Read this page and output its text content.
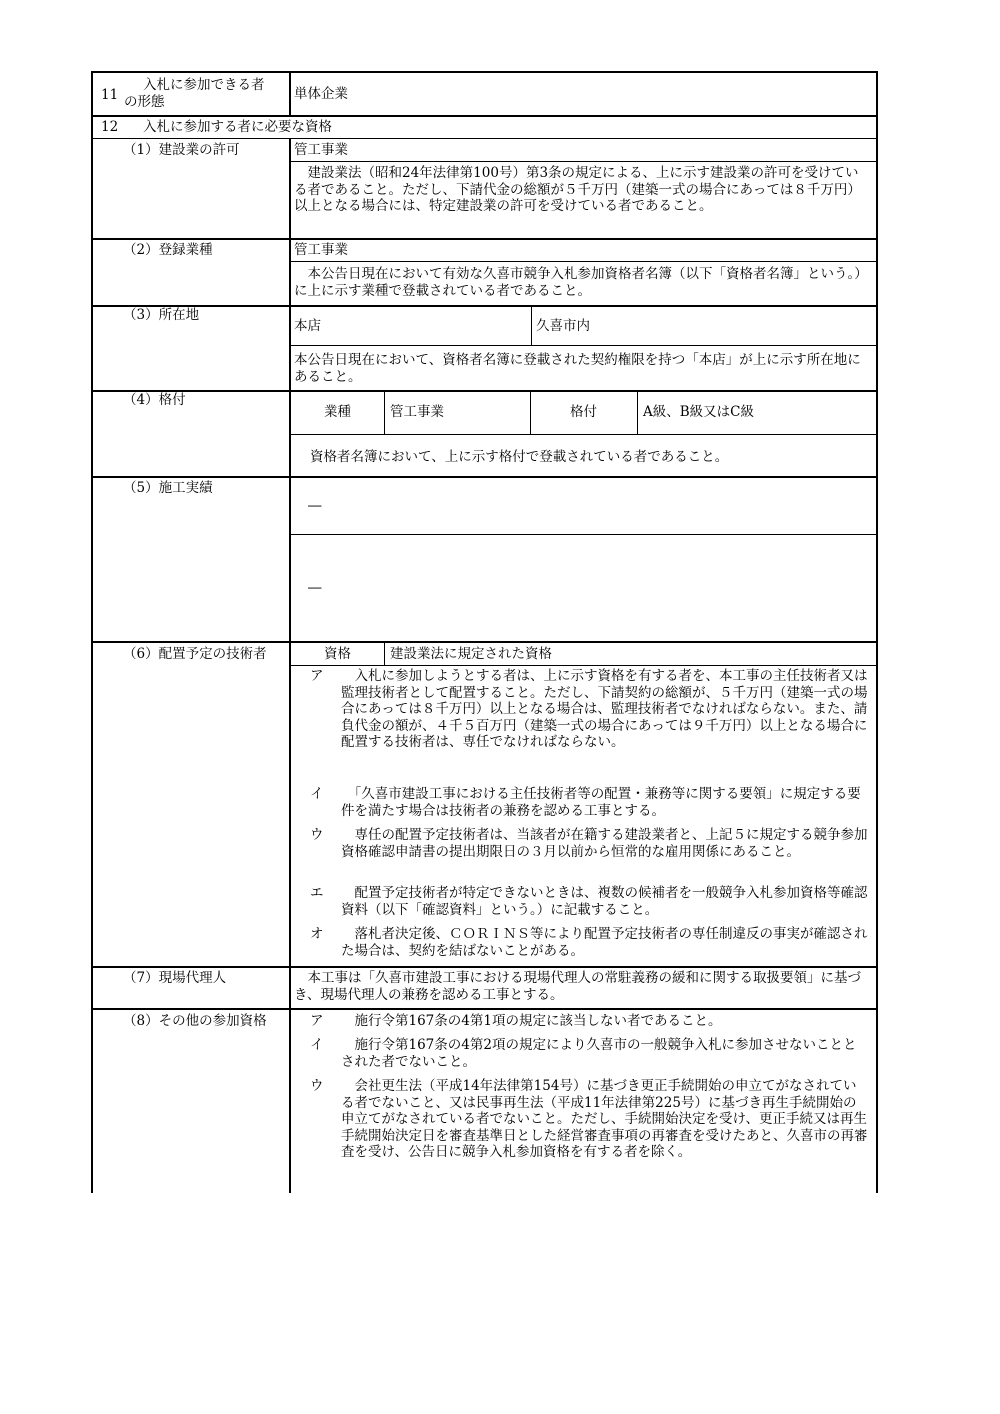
11
入札に参加できる者
の形態	単体企業
12 入札に参加する者に必要な資格
（1）建設業の許可	管工事業
　建設業法（昭和24年法律第100号）第3条の規定による、上に示す建設業の許可を受けている者であること。ただし、下請代金の総額が５千万円（建築一式の場合にあっては８千万円）以上となる場合には、特定建設業の許可を受けている者であること。
（2）登録業種	管工事業
　本公告日現在において有効な久喜市競争入札参加資格者名簿（以下「資格者名簿」という。）に上に示す業種で登載されている者であること。
（3）所在地
本店	久喜市内
本公告日現在において、資格者名簿に登載された契約権限を持つ「本店」が上に示す所在地にあること。
（4）格付
業種	管工事業	格付	A級、B級又はC級
資格者名簿において、上に示す格付で登載されている者であること。
（5）施工実績
―
―
（6）配置予定の技術者	資格	建設業法に規定された資格
ア 　入札に参加しようとする者は、上に示す資格を有する者を、本工事の主任技術者又は監理技術者として配置すること。ただし、下請契約の総額が、５千万円（建築一式の場合にあっては８千万円）以上となる場合は、監理技術者でなければならない。また、請負代金の額が、４千５百万円（建築一式の場合にあっては９千万円）以上となる場合に配置する技術者は、専任でなければならない。
イ 　「久喜市建設工事における主任技術者等の配置・兼務等に関する要領」に規定する要件を満たす場合は技術者の兼務を認める工事とする。
ウ 　専任の配置予定技術者は、当該者が在籍する建設業者と、上記５に規定する競争参加資格確認申請書の提出期限日の３月以前から恒常的な雇用関係にあること。
エ 　配置予定技術者が特定できないときは、複数の候補者を一般競争入札参加資格等確認資料（以下「確認資料」という。）に記載すること。
オ 　落札者決定後、ＣＯＲＩＮＳ等により配置予定技術者の専任制違反の事実が確認された場合は、契約を結ばないことがある。
（7）現場代理人	　本工事は「久喜市建設工事における現場代理人の常駐義務の緩和に関する取扱要領」に基づき、現場代理人の兼務を認める工事とする。
（8）その他の参加資格	ア 　施行令第167条の4第1項の規定に該当しない者であること。
イ 　施行令第167条の4第2項の規定により久喜市の一般競争入札に参加させないこととされた者でないこと。
ウ 　会社更生法（平成14年法律第154号）に基づき更正手続開始の申立てがなされている者でないこと、又は民事再生法（平成11年法律第225号）に基づき再生手続開始の申立てがなされている者でないこと。ただし、手続開始決定を受け、更正手続又は再生手続開始決定日を審査基準日とした経営審査事項の再審査を受けたあと、久喜市の再審査を受け、公告日に競争入札参加資格を有する者を除く。
